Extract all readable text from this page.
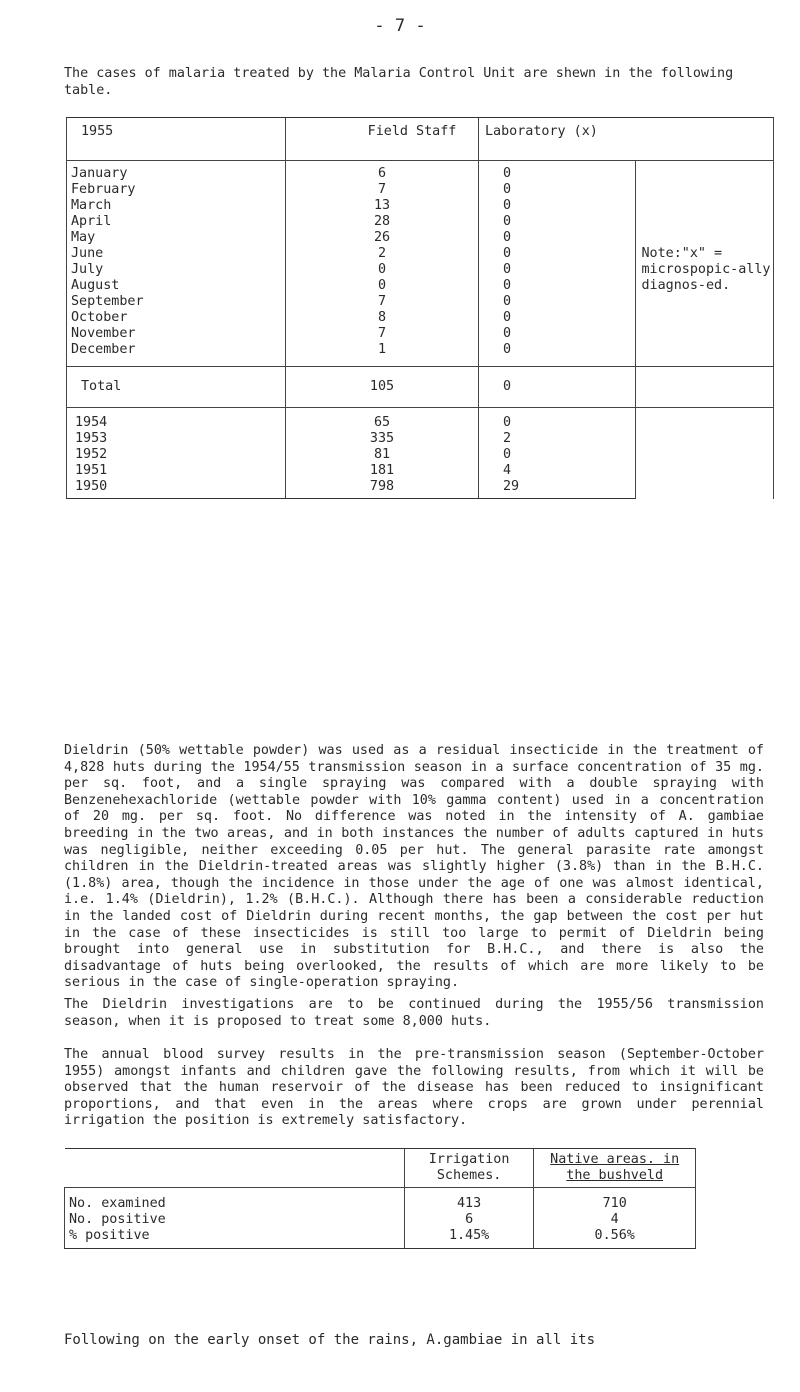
- 7 -
The cases of malaria treated by the Malaria Control Unit are shewn in the following table.
1955	Field Staff	Laboratory (x)	
January	6	0	Note:"x" = microspopic-ally diagnos-ed.

February	7	0	
March	13	0	
April	28	0	
May	26	0	
June	2	0	
July	0	0	
August	0	0	
September	7	0	
October	8	0	
November	7	0	
December	1	0	
Total	105	0	
1954	65	0	
1953	335	2	
1952	81	0	
1951	181	4	
1950	798	29	
Dieldrin (50% wettable powder) was used as a residual insecticide in the treatment of 4,828 huts during the 1954/55 transmission season in a surface concentration of 35 mg. per sq. foot, and a single spraying was compared with a double spraying with Benzenehexachloride (wettable powder with 10% gamma content) used in a concentration of 20 mg. per sq. foot. No difference was noted in the intensity of A. gambiae breeding in the two areas, and in both instances the number of adults captured in huts was negligible, neither exceeding 0.05 per hut. The general parasite rate amongst children in the Dieldrin-treated areas was slightly higher (3.8%) than in the B.H.C. (1.8%) area, though the incidence in those under the age of one was almost identical, i.e. 1.4% (Dieldrin), 1.2% (B.H.C.). Although there has been a considerable reduction in the landed cost of Dieldrin during recent months, the gap between the cost per hut in the case of these insecticides is still too large to permit of Dieldrin being brought into general use in substitution for B.H.C., and there is also the disadvantage of huts being overlooked, the results of which are more likely to be serious in the case of single-operation spraying.
The Dieldrin investigations are to be continued during the 1955/56 transmission season, when it is proposed to treat some 8,000 huts.
The annual blood survey results in the pre-transmission season (September-October 1955) amongst infants and children gave the following results, from which it will be observed that the human reservoir of the disease has been reduced to insignificant proportions, and that even in the areas where crops are grown under perennial irrigation the position is extremely satisfactory.
	Irrigation Schemes.	Native areas. in the bushveld
No. examined	413	710
No. positive	6	4
% positive	1.45%	0.56%
Following on the early onset of the rains, A.gambiae in all its
